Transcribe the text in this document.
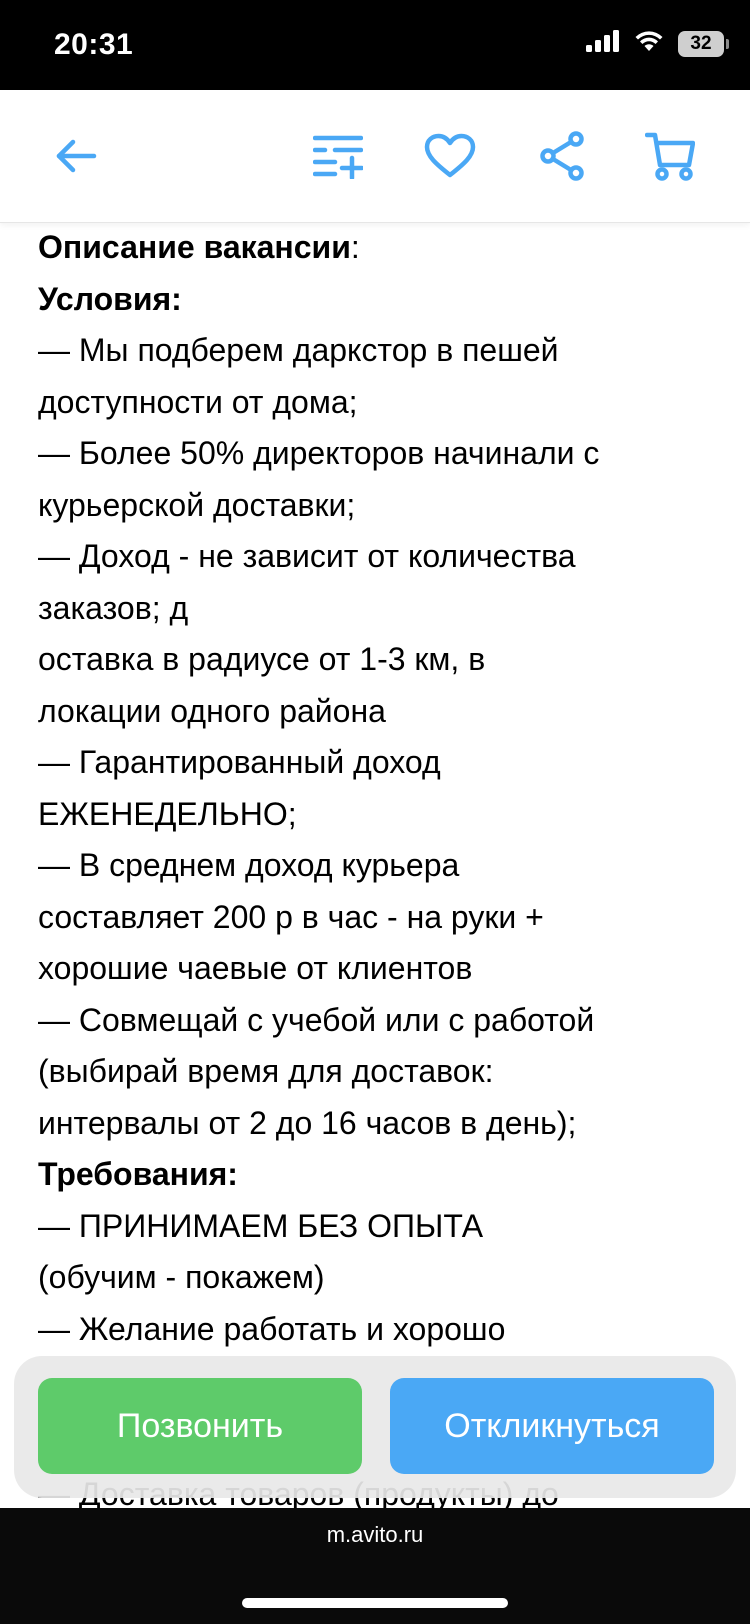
20:31	32
Описание вакансии:
Условия:
— Мы подберем даркстор в пешей
доступности от дома;
— Более 50% директоров начинали с
курьерской доставки;
— Доход - не зависит от количества
заказов; д
оставка в радиусе от 1-3 км, в
локации одного района
— Гарантированный доход
ЕЖЕНЕДЕЛЬНО;
— В среднем доход курьера
составляет 200 р в час - на руки +
хорошие чаевые от клиентов
— Совмещай с учебой или с работой
(выбирай время для доставок:
интервалы от 2 до 16 часов в день);
Требования:
— ПРИНИМАЕМ БЕЗ ОПЫТА
(обучим - покажем)
— Желание работать и хорошо
Позвонить	Откликнуться
m.avito.ru
